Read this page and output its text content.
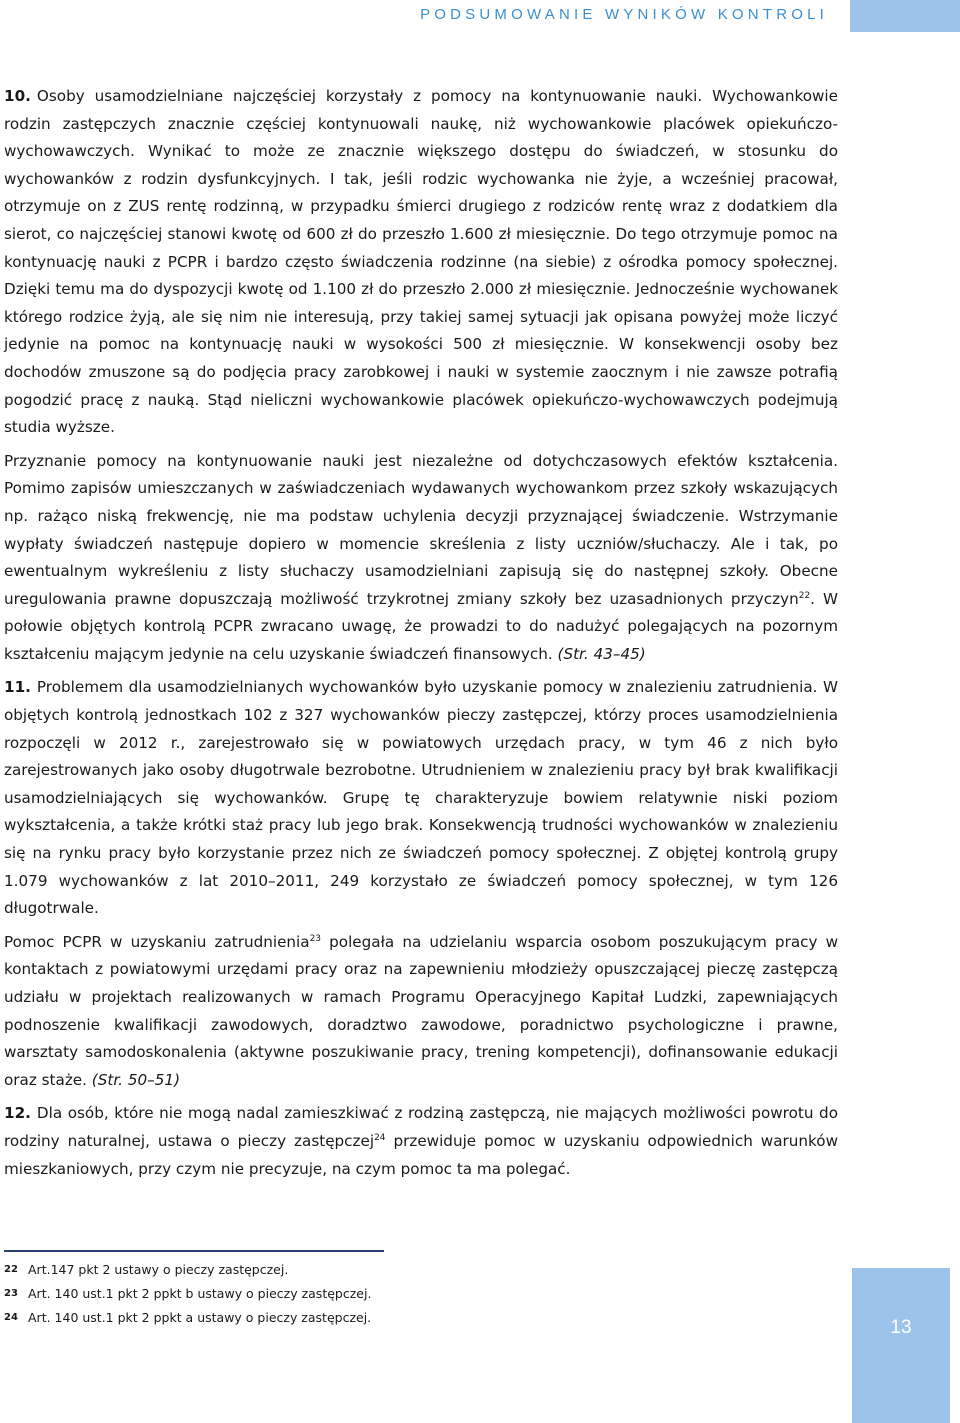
PODSUMOWANIE WYNIKÓW KONTROLI

10. Osoby usamodzielniane najczęściej korzystały z pomocy na kontynuowanie nauki. Wychowankowie rodzin zastępczych znacznie częściej kontynuowali naukę, niż wychowankowie placówek opiekuńczo-wychowawczych. Wynikać to może ze znacznie większego dostępu do świadczeń, w stosunku do wychowanków z rodzin dysfunkcyjnych. I tak, jeśli rodzic wychowanka nie żyje, a wcześniej pracował, otrzymuje on z ZUS rentę rodzinną, w przypadku śmierci drugiego z rodziców rentę wraz z dodatkiem dla sierot, co najczęściej stanowi kwotę od 600 zł do przeszło 1.600 zł miesięcznie. Do tego otrzymuje pomoc na kontynuację nauki z PCPR i bardzo często świadczenia rodzinne (na siebie) z ośrodka pomocy społecznej. Dzięki temu ma do dyspozycji kwotę od 1.100 zł do przeszło 2.000 zł miesięcznie. Jednocześnie wychowanek którego rodzice żyją, ale się nim nie interesują, przy takiej samej sytuacji jak opisana powyżej może liczyć jedynie na pomoc na kontynuację nauki w wysokości 500 zł miesięcznie. W konsekwencji osoby bez dochodów zmuszone są do podjęcia pracy zarobkowej i nauki w systemie zaocznym i nie zawsze potrafią pogodzić pracę z nauką. Stąd nieliczni wychowankowie placówek opiekuńczo-wychowawczych podejmują studia wyższe.

Przyznanie pomocy na kontynuowanie nauki jest niezależne od dotychczasowych efektów kształcenia. Pomimo zapisów umieszczanych w zaświadczeniach wydawanych wychowankom przez szkoły wskazujących np. rażąco niską frekwencję, nie ma podstaw uchylenia decyzji przyznającej świadczenie. Wstrzymanie wypłaty świadczeń następuje dopiero w momencie skreślenia z listy uczniów/słuchaczy. Ale i tak, po ewentualnym wykreśleniu z listy słuchaczy usamodzielniani zapisują się do następnej szkoły. Obecne uregulowania prawne dopuszczają możliwość trzykrotnej zmiany szkoły bez uzasadnionych przyczyn$^{22}$. W połowie objętych kontrolą PCPR zwracano uwagę, że prowadzi to do nadużyć polegających na pozornym kształceniu mającym jedynie na celu uzyskanie świadczeń finansowych. (Str. 43–45)

11. Problemem dla usamodzielnianych wychowanków było uzyskanie pomocy w znalezieniu zatrudnienia. W objętych kontrolą jednostkach 102 z 327 wychowanków pieczy zastępczej, którzy proces usamodzielnienia rozpoczęli w 2012 r., zarejestrowało się w powiatowych urzędach pracy, w tym 46 z nich było zarejestrowanych jako osoby długotrwale bezrobotne. Utrudnieniem w znalezieniu pracy był brak kwalifikacji usamodzielniających się wychowanków. Grupę tę charakteryzuje bowiem relatywnie niski poziom wykształcenia, a także krótki staż pracy lub jego brak. Konsekwencją trudności wychowanków w znalezieniu się na rynku pracy było korzystanie przez nich ze świadczeń pomocy społecznej. Z objętej kontrolą grupy 1.079 wychowanków z lat 2010–2011, 249 korzystało ze świadczeń pomocy społecznej, w tym 126 długotrwale.

Pomoc PCPR w uzyskaniu zatrudnienia$^{23}$ polegała na udzielaniu wsparcia osobom poszukującym pracy w kontaktach z powiatowymi urzędami pracy oraz na zapewnieniu młodzieży opuszczającej pieczę zastępczą udziału w projektach realizowanych w ramach Programu Operacyjnego Kapitał Ludzki, zapewniających podnoszenie kwalifikacji zawodowych, doradztwo zawodowe, poradnictwo psychologiczne i prawne, warsztaty samodoskonalenia (aktywne poszukiwanie pracy, trening kompetencji), dofinansowanie edukacji oraz staże. (Str. 50–51)

12. Dla osób, które nie mogą nadal zamieszkiwać z rodziną zastępczą, nie mających możliwości powrotu do rodziny naturalnej, ustawa o pieczy zastępczej$^{24}$ przewiduje pomoc w uzyskaniu odpowiednich warunków mieszkaniowych, przy czym nie precyzuje, na czym pomoc ta ma polegać.

22 Art.147 pkt 2 ustawy o pieczy zastępczej.
23 Art. 140 ust.1 pkt 2 ppkt b ustawy o pieczy zastępczej.
24 Art. 140 ust.1 pkt 2 ppkt a ustawy o pieczy zastępczej.	13
